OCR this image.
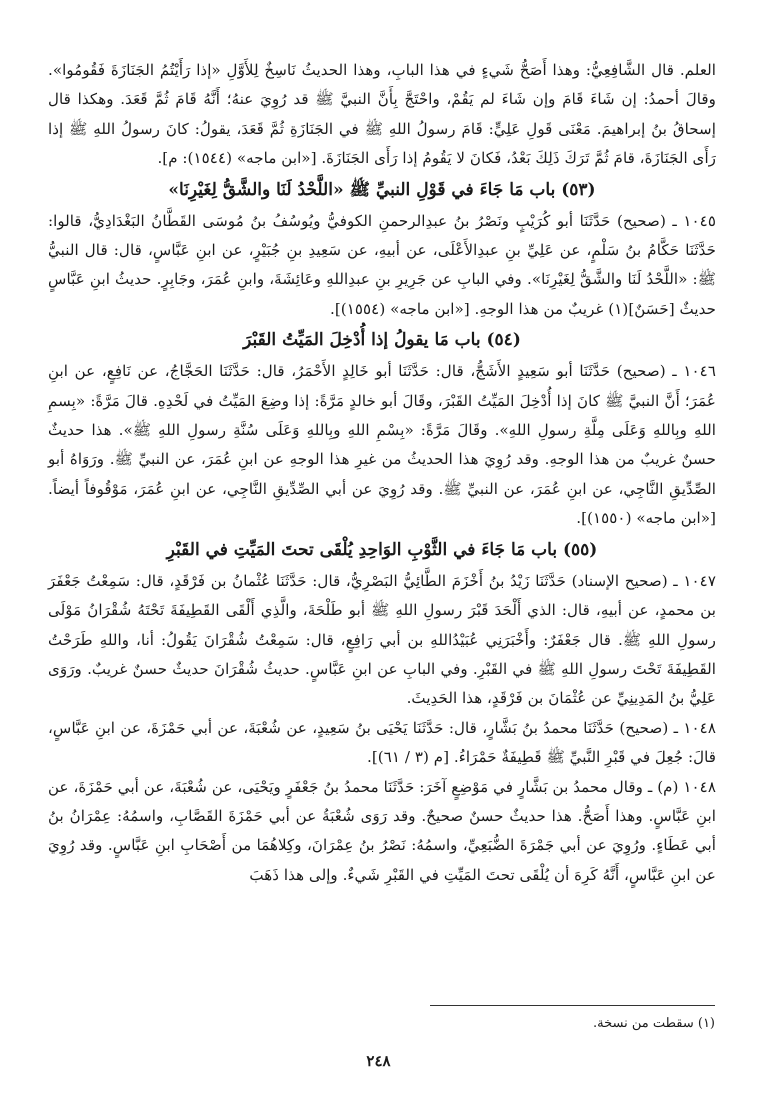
العلم. قال الشَّافِعِيُّ: وهذا أَصَحُّ شَيءٍ في هذا البابِ، وهذا الحديثُ نَاسِخٌ لِلأَوَّلِ «إذا رَأَيْتُمُ الجَنَازَةَ فَقُومُوا». وقالَ أحمدُ: إن شَاءَ قَامَ وإن شَاءَ لم يَقُمْ، واحْتَجَّ بِأَنَّ النبيَّ ﷺ قد رُوِيَ عنهُ؛ أَنَّهُ قَامَ ثُمَّ قَعَدَ. وهكذا قال إسحاقُ بنُ إبراهيمَ. مَعْنَى قَولِ عَلِيٍّ: قَامَ رسولُ اللهِ ﷺ في الجَنَازَةِ ثُمَّ قَعَدَ، يقولُ: كانَ رسولُ اللهِ ﷺ إذا رَأَى الجَنَازَةَ، قامَ ثُمَّ تَرَكَ ذَلِكَ بَعْدُ، فَكانَ لا يَقُومُ إذا رَأَى الجَنَازَةَ. [«ابن ماجه» (١٥٤٤): م].

(٥٣) باب مَا جَاءَ في قَوْلِ النبيِّ ﷺ «اللَّحْدُ لَنَا والشَّقُّ لِغَيْرِنَا»

١٠٤٥ ـ (صحيح) حَدَّثَنَا أبو كُرَيْبٍ ونَصْرُ بنُ عبدِالرحمنِ الكوفيُّ ويُوسُفُ بنُ مُوسَى القَطَّانُ البَغْدَادِيُّ، قالوا: حَدَّثَنَا حَكَّامُ بنُ سَلْمٍ، عن عَلِيِّ بنِ عبدِالأَعْلَى، عن أبيهِ، عن سَعِيدِ بنِ جُبَيْرٍ، عن ابنِ عَبَّاسٍ، قال: قال النبيُّ ﷺ: «اللَّحْدُ لَنَا والشَّقُّ لِغَيْرِنَا». وفي البابِ عن جَرِيرِ بنِ عبدِاللهِ وعَائِشَةَ، وابنِ عُمَرَ، وجَابِرٍ. حديثُ ابنِ عَبَّاسٍ حديثٌ [حَسَنٌ](١) غريبٌ من هذا الوجهِ. [«ابن ماجه» (١٥٥٤)].

(٥٤) باب مَا يقولُ إذا أُدْخِلَ المَيِّتُ القَبْرَ

١٠٤٦ ـ (صحيح) حَدَّثَنَا أبو سَعِيدٍ الأَشَجُّ، قال: حَدَّثَنَا أبو خَالِدٍ الأَحْمَرُ، قال: حَدَّثَنَا الحَجَّاجُ، عن نَافِعٍ، عن ابنِ عُمَرَ؛ أَنَّ النبيَّ ﷺ كانَ إذا أُدْخِلَ المَيِّتُ القَبْرَ، وقَالَ أبو خالدٍ مَرَّةً: إذا وضِعَ المَيِّتُ في لَحْدِهِ. قالَ مَرَّةً: «بِسمِ اللهِ وبِاللهِ وَعَلَى مِلَّةِ رسولِ اللهِ». وقَالَ مَرَّةً: «بِسْمِ اللهِ وبِاللهِ وَعَلَى سُنَّةِ رسولِ اللهِ ﷺ». هذا حديثٌ حسنٌ غريبٌ من هذا الوجهِ. وقد رُوِيَ هذا الحديثُ من غيرِ هذا الوجهِ عن ابنِ عُمَرَ، عن النبيِّ ﷺ. ورَوَاهُ أبو الصِّدِّيقِ النَّاجِي، عن ابنِ عُمَرَ، عن النبيِّ ﷺ. وقد رُوِيَ عن أبي الصِّدِّيقِ النَّاجِي، عن ابنِ عُمَرَ، مَوْقُوفاً أيضاً. [«ابن ماجه» (١٥٥٠)].

(٥٥) باب مَا جَاءَ في الثَّوْبِ الوَاحِدِ يُلْقَى تحتَ المَيِّتِ في القَبْرِ

١٠٤٧ ـ (صحيح الإسناد) حَدَّثَنَا زَيْدُ بنُ أَخْزَمَ الطَّائِيُّ البَصْرِيُّ، قال: حَدَّثَنَا عُثْمانُ بن فَرْقَدٍ، قال: سَمِعْتُ جَعْفَرَ بن محمدٍ، عن أبيهِ، قال: الذي أَلْحَدَ قَبْرَ رسولِ اللهِ ﷺ أبو طَلْحَةَ، والَّذِي أَلْقَى القَطِيفَةَ تَحْتَهُ شُقْرَانُ مَوْلَى رسولِ اللهِ ﷺ. قال جَعْفَرٌ: وأَخْبَرَنِي عُبَيْدُاللهِ بن أبي رَافِعٍ، قال: سَمِعْتُ شُقْرَانَ يَقُولُ: أنا، واللهِ طَرَحْتُ القَطِيفَةَ تَحْتَ رسولِ اللهِ ﷺ في القَبْرِ. وفي البابِ عن ابنِ عَبَّاسٍ. حديثُ شُقْرَانَ حديثٌ حسنٌ غريبٌ. ورَوَى عَلِيُّ بنُ المَدِينِيِّ عن عُثْمَانَ بن فَرْقَدٍ، هذا الحَدِيثَ.

١٠٤٨ ـ (صحيح) حَدَّثَنَا محمدُ بنُ بَشَّارٍ، قال: حَدَّثَنَا يَحْيَى بنُ سَعِيدٍ، عن شُعْبَةَ، عن أبي حَمْزَةَ، عن ابنِ عَبَّاسٍ، قالَ: جُعِلَ في قَبْرِ النَّبيِّ ﷺ قَطِيفَةٌ حَمْرَاءُ. [م (٣ / ٦١)].

١٠٤٨ (م) ـ وقال محمدُ بن بَشَّارٍ في مَوْضِعٍ آخَرَ: حَدَّثَنَا محمدُ بنُ جَعْفَرٍ ويَحْيَى، عن شُعْبَةَ، عن أبي حَمْزَةَ، عن ابنِ عَبَّاسٍ. وهذا أَصَحُّ. هذا حديثٌ حسنٌ صحيحٌ. وقد رَوَى شُعْبَةُ عن أبي حَمْزَةَ القَصَّابِ، واسمُهُ: عِمْرَانُ بنُ أبي عَطَاءٍ. ورُوِيَ عن أبي جَمْرَةَ الضُّبَعِيِّ، واسمُهُ: نَصْرُ بنُ عِمْرَانَ، وكِلاهُمَا من أَصْحَابِ ابنِ عَبَّاسٍ. وقد رُوِيَ عن ابنِ عَبَّاسٍ، أَنَّهُ كَرِهَ أن يُلْقَى تحتَ المَيِّتِ في القَبْرِ شَيءٌ. وإلى هذا ذَهَبَ

(١) سقطت من نسخة.
٢٤٨
